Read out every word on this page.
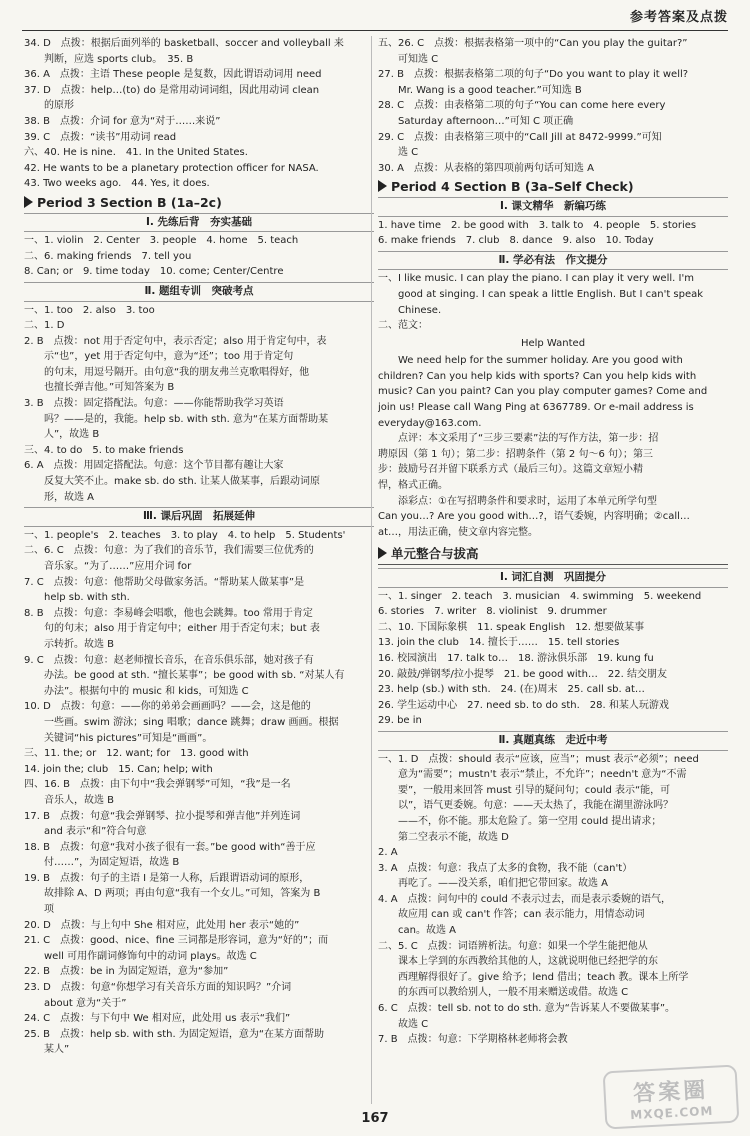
参考答案及点拨
34. D　点拨：根据后面列举的 basketball、soccer and volleyball 来
　　判断，应选 sports club。　35. B
36. A　点拨：主语 These people 是复数，因此谓语动词用 need
37. D　点拨：help…(to) do 是常用动词词组，因此用动词 clean
　　的原形
38. B　点拨：介词 for 意为“对于……来说”
39. C　点拨：“读书”用动词 read
六、40. He is nine.　41. In the United States.
42. He wants to be a planetary protection officer for NASA.
43. Two weeks ago.　44. Yes, it does.
Period 3 Section B (1a–2c)
Ⅰ. 先练后背　夯实基础
一、1. violin　2. Center　3. people　4. home　5. teach
二、6. making friends　7. tell you
8. Can; or　9. time today　10. come; Center/Centre
Ⅱ. 题组专训　突破考点
一、1. too　2. also　3. too
二、1. D
2. B　点拨：not 用于否定句中，表示否定；also 用于肯定句中，表
　　示“也”，yet 用于否定句中，意为“还”；too 用于肯定句
　　的句末，用逗号隔开。由句意“我的朋友弗兰克歌唱得好，他
　　也擅长弹吉他。”可知答案为 B
3. B　点拨：固定搭配法。句意：——你能帮助我学习英语
　　吗？——是的，我能。help sb. with sth. 意为“在某方面帮助某
　　人”，故选 B
三、4. to do　5. to make friends
6. A　点拨：用固定搭配法。句意：这个节目都有趣让大家
　　反复大笑不止。make sb. do sth. 让某人做某事，后跟动词原
　　形，故选 A
Ⅲ. 课后巩固　拓展延伸
一、1. people's　2. teaches　3. to play　4. to help　5. Students'
二、6. C　点拨：句意：为了我们的音乐节，我们需要三位优秀的
　　音乐家。“为了……”应用介词 for
7. C　点拨：句意：他帮助父母做家务活。“帮助某人做某事”是
　　help sb. with sth.
8. B　点拨：句意：李易峰会唱歌，他也会跳舞。too 常用于肯定
　　句的句末；also 用于肯定句中；either 用于否定句末；but 表
　　示转折。故选 B
9. C　点拨：句意：赵老师擅长音乐，在音乐俱乐部，她对孩子有
　　办法。be good at sth. “擅长某事”；be good with sb. “对某人有
　　办法”。根据句中的 music 和 kids，可知选 C
10. D　点拨：句意：——你的弟弟会画画吗？——会，这是他的
　　一些画。swim 游泳；sing 唱歌；dance 跳舞；draw 画画。根据
　　关键词“his pictures”可知是“画画”。
三、11. the; or　12. want; for　13. good with
14. join the; club　15. Can; help; with
四、16. B　点拨：由下句中“我会弹钢琴”可知，“我”是一名
　　音乐人，故选 B
17. B　点拨：句意“我会弹钢琴、拉小提琴和弹吉他”并列连词
　　and 表示“和”符合句意
18. B　点拨：句意“我对小孩子很有一套。”be good with“善于应
　　付……”，为固定短语，故选 B
19. B　点拨：句子的主语 I 是第一人称，后跟谓语动词的原形，
　　故排除 A、D 两项；再由句意“我有一个女儿。”可知，答案为 B
　　项
20. D　点拨：与上句中 She 相对应，此处用 her 表示“她的”
21. C　点拨：good、nice、fine 三词都是形容词，意为“好的”；而
　　well 可用作副词修饰句中的动词 plays。故选 C
22. B　点拨：be in 为固定短语，意为“参加”
23. D　点拨：句意“你想学习有关音乐方面的知识吗？”介词
　　about 意为“关于”
24. C　点拨：与下句中 We 相对应，此处用 us 表示“我们”
25. B　点拨：help sb. with sth. 为固定短语，意为“在某方面帮助
　　某人”
五、26. C　点拨：根据表格第一项中的“Can you play the guitar?”
　　可知选 C
27. B　点拨：根据表格第二项的句子“Do you want to play it well?
　　Mr. Wang is a good teacher.”可知选 B
28. C　点拨：由表格第二项的句子“You can come here every
　　Saturday afternoon…”可知 C 项正确
29. C　点拨：由表格第三项中的“Call Jill at 8472-9999.”可知
　　选 C
30. A　点拨：从表格的第四项前两句话可知选 A
Period 4 Section B (3a–Self Check)
Ⅰ. 课文精华　新编巧练
1. have time　2. be good with　3. talk to　4. people　5. stories
6. make friends　7. club　8. dance　9. also　10. Today
Ⅱ. 学必有法　作文提分
一、I like music. I can play the piano. I can play it very well. I'm
　　good at singing. I can speak a little English. But I can't speak
　　Chinese.
二、范文：
Help Wanted
　　We need help for the summer holiday. Are you good with
children? Can you help kids with sports? Can you help kids with
music? Can you paint? Can you play computer games? Come and
join us! Please call Wang Ping at 6367789. Or e-mail address is
everyday@163.com.
　　点评：本文采用了“三步三要素”法的写作方法，第一步：招
聘原因（第 1 句）；第二步：招聘条件（第 2 句～6 句）；第三
步：鼓励号召并留下联系方式（最后三句）。这篇文章短小精
悍，格式正确。
　　添彩点：①在写招聘条件和要求时，运用了本单元所学句型
Can you…? Are you good with…?，语气委婉，内容明确；②call…
at…，用法正确，使文章内容完整。
单元整合与拔高
Ⅰ. 词汇自测　巩固提分
一、1. singer　2. teach　3. musician　4. swimming　5. weekend
6. stories　7. writer　8. violinist　9. drummer
二、10. 下国际象棋　11. speak English　12. 想要做某事
13. join the club　14. 擅长于……　15. tell stories
16. 校园演出　17. talk to…　18. 游泳俱乐部　19. kung fu
20. 敲鼓/弹钢琴/拉小提琴　21. be good with…　22. 结交朋友
23. help (sb.) with sth.　24. (在)周末　25. call sb. at…
26. 学生运动中心　27. need sb. to do sth.　28. 和某人玩游戏
29. be in
Ⅱ. 真题真练　走近中考
一、1. D　点拨：should 表示“应该，应当”；must 表示“必须”；need
　　意为“需要”；mustn't 表示“禁止，不允许”；needn't 意为“不需
　　要”，一般用来回答 must 引导的疑问句；could 表示“能，可
　　以”，语气更委婉。句意：——天太热了，我能在湖里游泳吗？
　　——不，你不能。那太危险了。第一空用 could 提出请求；
　　第二空表示不能，故选 D
2. A
3. A　点拨：句意：我点了太多的食物，我不能（can't）
　　再吃了。——没关系，咱们把它带回家。故选 A
4. A　点拨：问句中的 could 不表示过去，而是表示委婉的语气，
　　故应用 can 或 can't 作答；can 表示能力，用情态动词
　　can。故选 A
二、5. C　点拨：词语辨析法。句意：如果一个学生能把他从
　　课本上学到的东西教给其他的人，这就说明他已经把学的东
　　西理解得很好了。give 给予；lend 借出；teach 教。课本上所学
　　的东西可以教给别人，一般不用来赠送或借。故选 C
6. C　点拨：tell sb. not to do sth. 意为“告诉某人不要做某事”。
　　故选 C
7. B　点拨：句意：下学期格林老师将会教
167
答案圈
MXQE.COM
